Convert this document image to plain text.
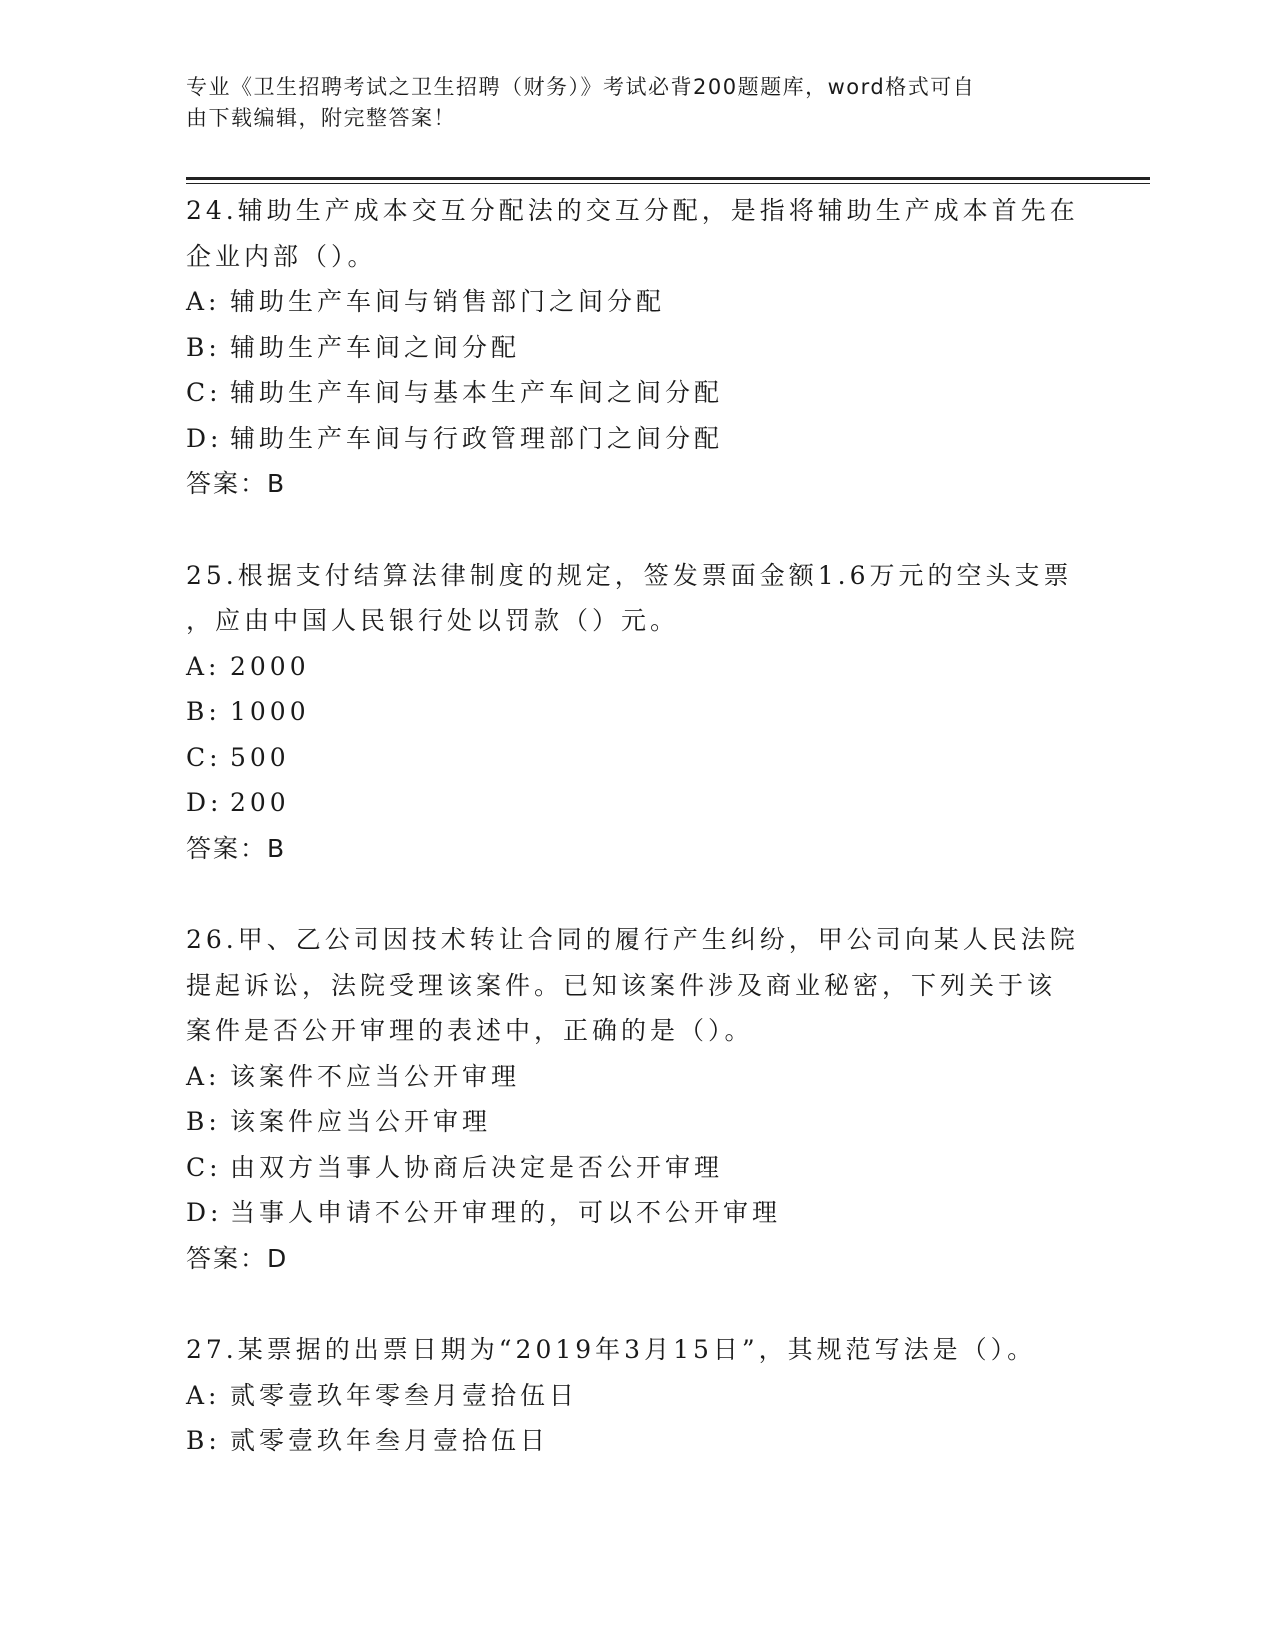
专业《卫生招聘考试之卫生招聘（财务）》考试必背200题题库，word格式可自
由下载编辑，附完整答案！
24.辅助生产成本交互分配法的交互分配，是指将辅助生产成本首先在
企业内部（）。
A: 辅助生产车间与销售部门之间分配
B: 辅助生产车间之间分配
C: 辅助生产车间与基本生产车间之间分配
D: 辅助生产车间与行政管理部门之间分配
答案：B
25.根据支付结算法律制度的规定，签发票面金额1.6万元的空头支票
，应由中国人民银行处以罚款（）元。
A: 2000
B: 1000
C: 500
D: 200
答案：B
26.甲、乙公司因技术转让合同的履行产生纠纷，甲公司向某人民法院
提起诉讼，法院受理该案件。已知该案件涉及商业秘密，下列关于该
案件是否公开审理的表述中，正确的是（）。
A: 该案件不应当公开审理
B: 该案件应当公开审理
C: 由双方当事人协商后决定是否公开审理
D: 当事人申请不公开审理的，可以不公开审理
答案：D
27.某票据的出票日期为“2019年3月15日”，其规范写法是（）。
A: 贰零壹玖年零叁月壹拾伍日
B: 贰零壹玖年叁月壹拾伍日
